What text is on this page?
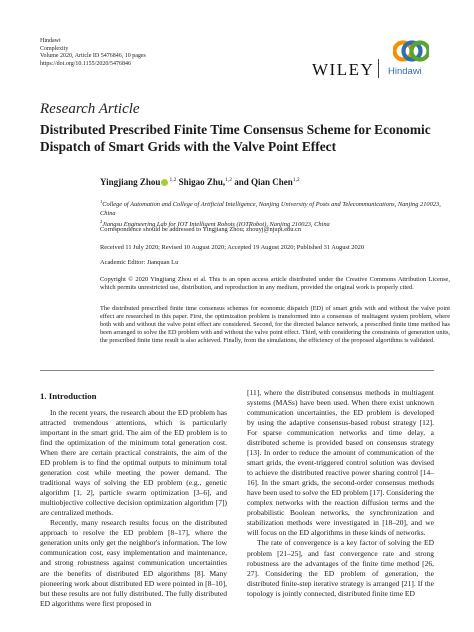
Hindawi
Complexity
Volume 2020, Article ID 5476846, 10 pages
https://doi.org/10.1155/2020/5476846	WILEY Hindawi
Research Article
Distributed Prescribed Finite Time Consensus Scheme for Economic Dispatch of Smart Grids with the Valve Point Effect
Yingjiang Zhou $^{1,2}$ Shigao Zhu,$^{1,2}$ and Qian Chen$^{1,2}$
$^1$College of Automation and College of Artificial Intelligence, Nanjing University of Posts and Telecommunications, Nanjing 210023, China
$^2$Jiangsu Engineering Lab for IOT Intelligent Robots (IOTRobot), Nanjing 210023, China
Correspondence should be addressed to Yingjiang Zhou; zhouyj@njupt.edu.cn
Received 11 July 2020; Revised 10 August 2020; Accepted 19 August 2020; Published 31 August 2020
Academic Editor: Jianquan Lu
Copyright © 2020 Yingjiang Zhou et al. This is an open access article distributed under the Creative Commons Attribution License, which permits unrestricted use, distribution, and reproduction in any medium, provided the original work is properly cited.
The distributed prescribed finite time consensus schemes for economic dispatch (ED) of smart grids with and without the valve point effect are researched in this paper. First, the optimization problem is transformed into a consensus of multiagent system problem, where both with and without the valve point effect are considered. Second, for the directed balance network, a prescribed finite time method has been arranged to solve the ED problem with and without the valve point effect. Third, with considering the constraints of generation units, the prescribed finite time result is also achieved. Finally, from the simulations, the efficiency of the proposed algorithms is validated.
1. Introduction

In the recent years, the research about the ED problem has attracted tremendous attentions, which is particularly important in the smart grid. The aim of the ED problem is to find the optimization of the minimum total generation cost. When there are certain practical constraints, the aim of the ED problem is to find the optimal outputs to minimum total generation cost while meeting the power demand. The traditional ways of solving the ED problem (e.g., genetic algorithm [1, 2], particle swarm optimization [3–6], and multiobjective collective decision optimization algorithm [7]) are centralized methods.

Recently, many research results focus on the distributed approach to resolve the ED problem [8–17], where the generation units only get the neighbor's information. The low communication cost, easy implementation and maintenance, and strong robustness against communication uncertainties are the benefits of distributed ED algorithms [8]. Many pioneering work about distributed ED were pointed in [8–10], but these results are not fully distributed. The fully distributed ED algorithms were first proposed in

[11], where the distributed consensus methods in multiagent systems (MASs) have been used. When there exist unknown communication uncertainties, the ED problem is developed by using the adaptive consensus-based robust strategy [12]. For sparse communication networks and time delay, a distributed scheme is provided based on consensus strategy [13]. In order to reduce the amount of communication of the smart grids, the event-triggered control solution was devised to achieve the distributed reactive power sharing control [14–16]. In the smart grids, the second-order consensus methods have been used to solve the ED problem [17]. Considering the complex networks with the reaction diffusion terms and the probabilistic Boolean networks, the synchronization and stabilization methods were investigated in [18–20], and we will focus on the ED algorithms in these kinds of networks.

The rate of convergence is a key factor of solving the ED problem [21–25], and fast convergence rate and strong robustness are the advantages of the finite time method [26, 27]. Considering the ED problem of generation, the distributed finite-step iterative strategy is arranged [21]. If the topology is jointly connected, distributed finite time ED
